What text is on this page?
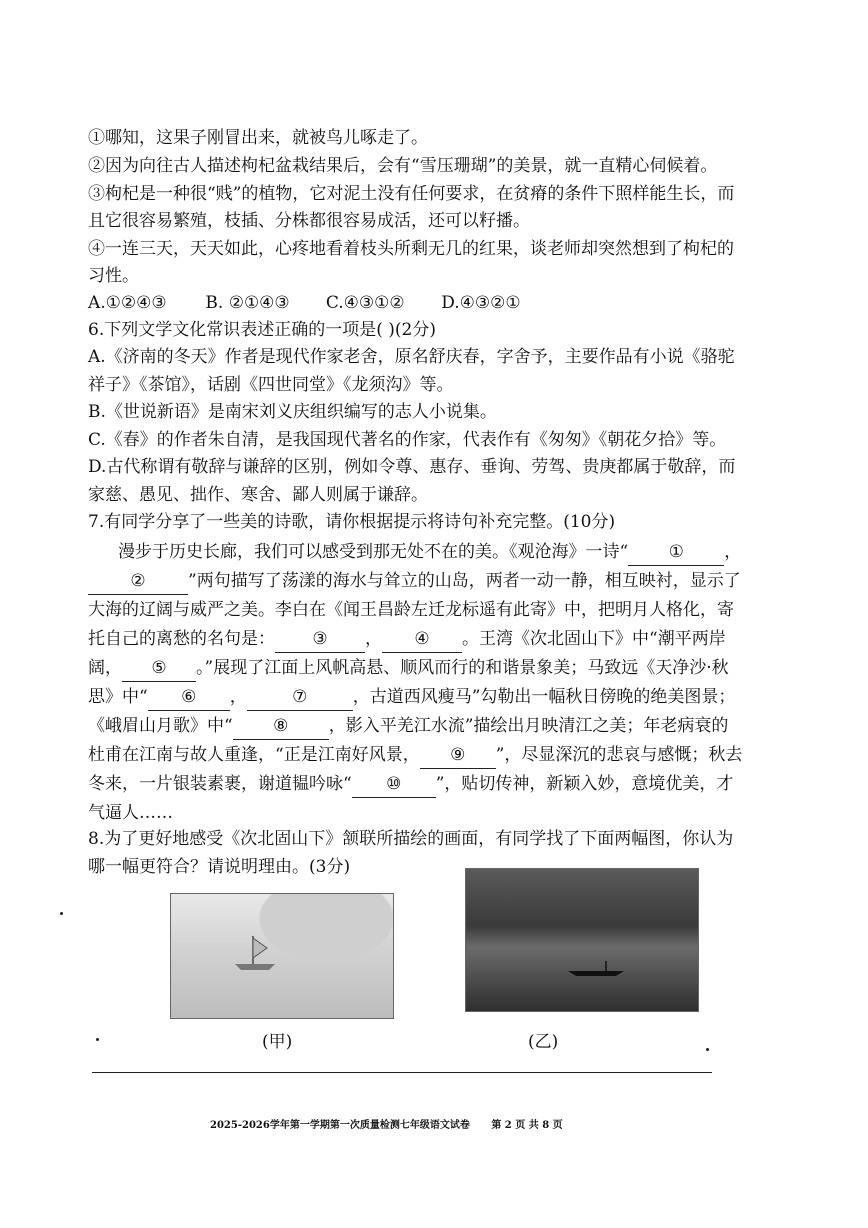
①哪知，这果子刚冒出来，就被鸟儿啄走了。
②因为向往古人描述枸杞盆栽结果后，会有“雪压珊瑚”的美景，就一直精心伺候着。
③枸杞是一种很“贱”的植物，它对泥土没有任何要求，在贫瘠的条件下照样能生长，而
且它很容易繁殖，枝插、分株都很容易成活，还可以籽播。
④一连三天，天天如此，心疼地看着枝头所剩无几的红果，谈老师却突然想到了枸杞的
习性。
A.①②④③ B. ②①④③ C.④③①② D.④③②①
6.下列文学文化常识表述正确的一项是( )(2分)
A.《济南的冬天》作者是现代作家老舍，原名舒庆春，字舍予，主要作品有小说《骆驼
祥子》《茶馆》，话剧《四世同堂》《龙须沟》等。
B.《世说新语》是南宋刘义庆组织编写的志人小说集。
C.《春》的作者朱自清，是我国现代著名的作家，代表作有《匆匆》《朝花夕拾》等。
D.古代称谓有敬辞与谦辞的区别，例如令尊、惠存、垂询、劳驾、贵庚都属于敬辞，而
家慈、愚见、拙作、寒舍、鄙人则属于谦辞。
7.有同学分享了一些美的诗歌，请你根据提示将诗句补充完整。(10分)
漫步于历史长廊，我们可以感受到那无处不在的美。《观沧海》一诗“ ① ，
② ”两句描写了荡漾的海水与耸立的山岛，两者一动一静，相互映衬，显示了
大海的辽阔与威严之美。李白在《闻王昌龄左迁龙标遥有此寄》中，把明月人格化，寄
托自己的离愁的名句是： ③ ， ④ 。王湾《次北固山下》中“潮平两岸
阔， ⑤ 。”展现了江面上风帆高悬、顺风而行的和谐景象美；马致远《天净沙·秋
思》中“ ⑥ ，	⑦	，古道西风瘦马”勾勒出一幅秋日傍晚的绝美图景；
《峨眉山月歌》中“ ⑧ ，影入平羌江水流”描绘出月映清江之美；年老病衰的
杜甫在江南与故人重逢，“正是江南好风景， ⑨ ”，尽显深沉的悲哀与感慨；秋去
冬来，一片银装素裹，谢道韫吟咏“ ⑩ ”，贴切传神，新颖入妙，意境优美，才
气逼人……
8.为了更好地感受《次北固山下》颔联所描绘的画面，有同学找了下面两幅图，你认为
哪一幅更符合？请说明理由。(3分)
(甲)	(乙)
2025-2026学年第一学期第一次质量检测七年级语文试卷 第 2 页 共 8 页
